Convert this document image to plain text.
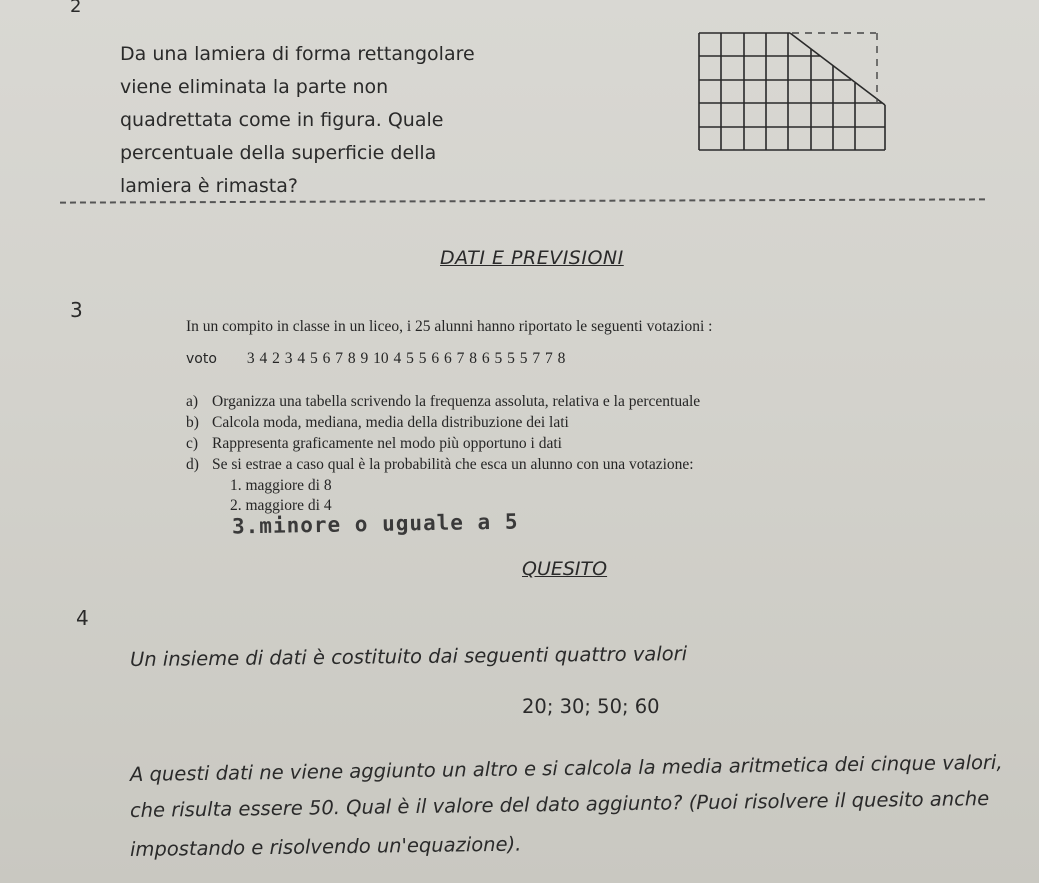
2
Da una lamiera di forma rettangolare
viene eliminata la parte non
quadrettata come in figura. Quale
percentuale della superficie della
lamiera è rimasta?
DATI E PREVISIONI
3
In un compito in classe in un liceo, i 25 alunni hanno riportato le seguenti votazioni :
voto 3 4 2 3 4 5 6 7 8 9 10 4 5 5 6 6 7 8 6 5 5 5 7 7 8
a) Organizza una tabella scrivendo la frequenza assoluta, relativa e la percentuale
b) Calcola moda, mediana, media della distribuzione dei lati
c) Rappresenta graficamente nel modo più opportuno i dati
d) Se si estrae a caso qual è la probabilità che esca un alunno con una votazione:
1. maggiore di 8
2. maggiore di 4
3.minore o uguale a 5
QUESITO
4
Un insieme di dati è costituito dai seguenti quattro valori
20; 30; 50; 60
A questi dati ne viene aggiunto un altro e si calcola la media aritmetica dei cinque valori,
che risulta essere 50. Qual è il valore del dato aggiunto? (Puoi risolvere il quesito anche
impostando e risolvendo un'equazione).
